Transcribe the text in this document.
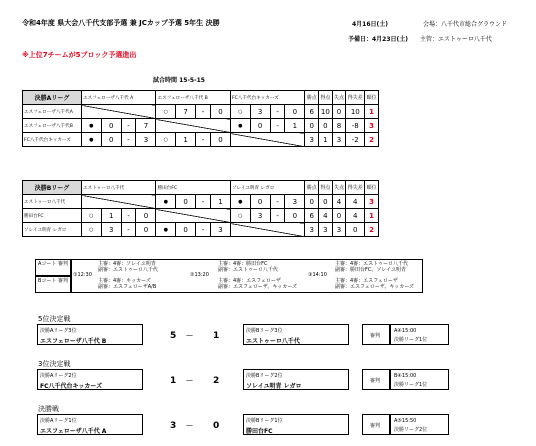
令和4年度 県大会八千代支部予選 兼 JCカップ予選 5年生 決勝	4月16日(土)	会場：八千代市総合グラウンド
予備日：4月23日(土) 主管：エストゥーロ八千代
※上位7チームが5ブロック予選進出
試合時間 15-5-15
決勝Aリーグ	エスフェローザ八千代 A				エスフェローザ八千代 B				FC八千代台キッカーズ				勝点	得点	失点	得失差	順位
エスフェローザ八千代A					○	7	-	0	○	3	-	0	6	10	0	10	1
エスフェローザ八千代B	●	0	-	7					●	0	-	1	0	0	8	-8	3
FC八千代台キッカーズ	●	0	-	3	○	1	-	0					3	1	3	-2	2
決勝Bリーグ	エストゥーロ八千代				勝田台FC				ソレイユ明青 レガロ				勝点	得点	失点	得失差	順位
エストゥーロ八千代					●	0	-	1	●	0	-	3	0	0	4	4	3
勝田台FC	○	1	-	0					○	3	-	0	6	4	0	4	1
ソレイユ明青 レガロ	○	3	-	0	●	0	-	3					3	3	3	0	2
Aコート 審判
Bコート 審判
①12:30
主審：4審：ソレイユ明青
副審：エストゥーロ八千代
主審：4審：キッカーズ
副審：エスフェローザA/B
②13:20
主審：4審：勝田台FC
副審：エストゥーロ八千代
主審：4審：エスフェローザ
副審：エスフェローザ、キッカーズ
③14:10
主審：4審：エストゥーロ八千代
副審：勝田台FC、ソレイユ明青
主審：4審：エスフェローザ
副審：エスフェローザ、キッカーズ
5位決定戦
決勝Aリーグ3位
エスフェローザ八千代 B
5 — 1	決勝Bリーグ3位
エストゥーロ八千代
審判
A④15:00
決勝リーグ1位
3位決定戦
決勝Aリーグ2位
FC八千代台キッカーズ
1 — 2	決勝Bリーグ2位
ソレイユ明青 レガロ
審判
B④15:00
決勝リーグ1位
決勝戦
決勝Aリーグ1位
エスフェローザ八千代 A
3 — 0	決勝Bリーグ1位
勝田台FC
審判
A⑤15:50
決勝リーグ2位
